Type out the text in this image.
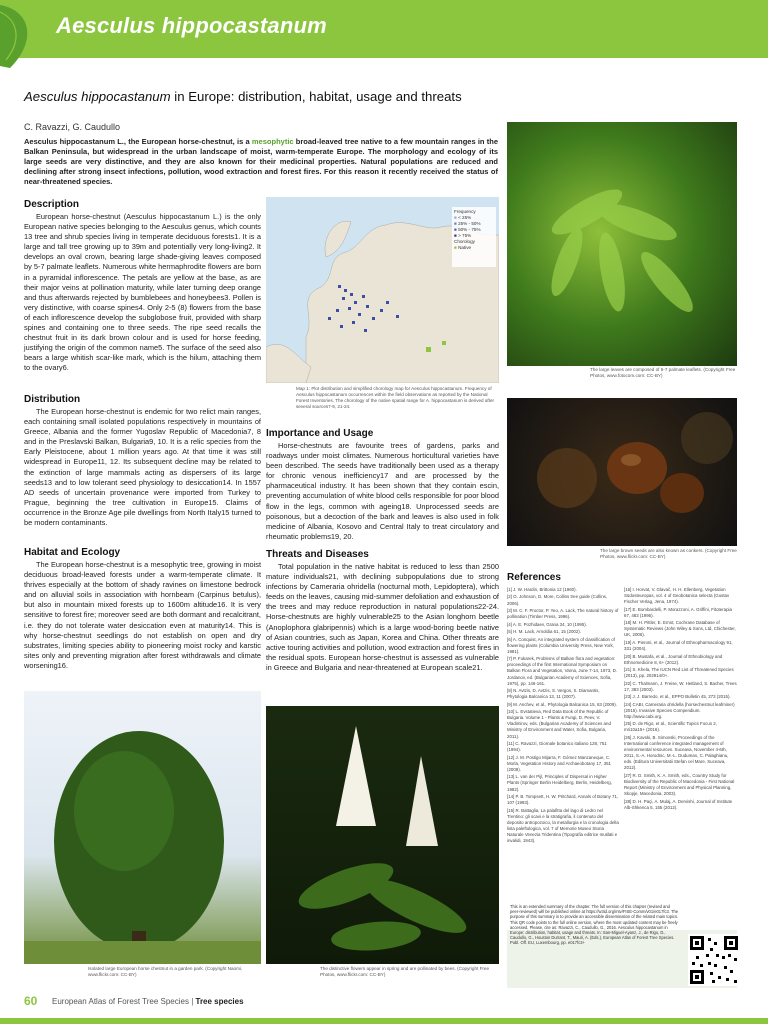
Aesculus hippocastanum
Aesculus hippocastanum in Europe: distribution, habitat, usage and threats
C. Ravazzi, G. Caudullo
Aesculus hippocastanum L., the European horse-chestnut, is a mesophytic broad-leaved tree native to a few mountain ranges in the Balkan Peninsula, but widespread in the urban landscape of moist, warm-temperate Europe. The morphology and ecology of its large seeds are very distinctive, and they are also known for their medicinal properties. Natural populations are reduced and declining after strong insect infections, pollution, wood extraction and forest fires. For this reason it recently received the status of near-threatened species.
Description
European horse-chestnut (Aesculus hippocastanum L.) is the only European native species belonging to the Aesculus genus, which counts 13 tree and shrub species living in temperate deciduous forests1. It is a large and tall tree growing up to 39m and potentially very long-living2. It develops an oval crown, bearing large shade-giving leaves composed by 5-7 palmate leaflets. Numerous white hermaphrodite flowers are born in a pyramidal inflorescence. The petals are yellow at the base, as are their major veins at pollination maturity, while later turning deep orange and thus afterwards rejected by bumblebees and honeybees3. Pollen is very distinctive, with coarse spines4. Only 2-5 (8) flowers from the base of each inflorescence develop the subglobose fruit, provided with sharp spines and containing one to three seeds. The ripe seed recalls the chestnut fruit in its dark brown colour and is used for horse feeding, justifying the origin of the common name5. The surface of the seed also bears a large whitish scar-like mark, which is the hilum, attaching them to the ovary6.
Distribution
The European horse-chestnut is endemic for two relict main ranges, each containing small isolated populations respectively in mountains of Greece, Albania and the former Yugoslav Republic of Macedonia7, 8 and in the Preslavski Balkan, Bulgaria9, 10. It is a relic species from the Early Pleistocene, about 1 million years ago. At that time it was still widespread in Europe11, 12. Its subsequent decline may be related to the extinction of large mammals acting as dispersers of its large seeds13 and to low tolerant seed physiology to desiccation14. In 1557 AD seeds of uncertain provenance were imported from Turkey to Prague, beginning the tree cultivation in Europe15. Claims of occurrence in the Bronze Age pile dwellings from North Italy15 turned to be modern contaminants.
Habitat and Ecology
The European horse-chestnut is a mesophytic tree, growing in moist deciduous broad-leaved forests under a warm-temperate climate. It thrives especially at the bottom of shady ravines on limestone bedrock and on alluvial soils in association with hornbeam (Carpinus betulus), but also in mountain mixed forests up to 1600m altitude16. It is very sensitive to forest fire; moreover seed are both dormant and recalcitrant, i.e. they do not tolerate water desiccation even at maturity14. This is why horse-chestnut seedlings do not establish on open and dry substrates, limiting species ability to pioneering moist rocky and karstic sites only and preventing migration after forest withdrawals and climate worsening16.
Frequency
■ < 25%
■ 25% - 50%
■ 50% - 75%
■ > 75%
Chorology
■ Native
Map 1: Plot distribution and simplified chorology map for Aesculus hippocastanum. Frequency of Aesculus hippocastanum occurrences within the field observations as reported by the National Forest Inventories. The chorology of the native spatial range for A. hippocastanum is derived after several sources7-9, 21-24.
Importance and Usage
Horse-chestnuts are favourite trees of gardens, parks and roadways under moist climates. Numerous horticultural varieties have been described. The seeds have traditionally been used as a therapy for chronic venous inefficiency17 and are processed by the pharmaceutical industry. It has been shown that they contain escin, preventing accumulation of white blood cells responsible for poor blood flow in the legs, common with ageing18. Unprocessed seeds are poisonous, but a decoction of the bark and leaves is also used in folk medicine of Albania, Kosovo and Central Italy to treat circulatory and rheumatic problems19, 20.
Threats and Diseases
Total population in the native habitat is reduced to less than 2500 mature individuals21, with declining subpopulations due to strong infections by Cameraria ohridella (nocturnal moth, Lepidoptera), which feeds on the leaves, causing mid-summer defoliation and exhaustion of the trees and may reduce reproduction in natural populations22-24. Horse-chestnuts are highly vulnerable25 to the Asian longhorn beetle (Anoplophora glabripennis) which is a large wood-boring beetle native of Asian countries, such as Japan, Korea and China. Other threats are active touring activities and pollution, wood extraction and forest fires in the residual spots. European horse-chestnut is assessed as vulnerable in Greece and Bulgaria and near-threatened at European scale21.
The large leaves are composed of 5-7 palmate leaflets. (Copyright Free Photos, www.fotocom.com: CC-BY)
The large brown seeds are also known as conkers. (Copyright Free Photos, www.flickr.com: CC-BY)
References
[1] J. W. Hardin, Brittonia 12 (1960).
[2] O. Johnson, D. More, Collins tree guide (Collins, 2006).
[3] M. C. F. Proctor, P. Yeo, A. Lack, The natural history of pollination (Timber Press, 1996).
[4] A. E. Pozhidaev, Grana 34, 10 (1995).
[5] H. M. Lack, Arnoldia 61, 15 (2002).
[6] A. Conquist, An integrated system of classification of flowering plants (Columbia University Press, New York, 1981).
[7] P. Fukarek, Problems of Balkan flora and vegetation: proceedings of the first International Symposium on Balkan Flora and Vegetation, Varna, June 7-14, 1973, D. Jordanov, ed. (Bulgarian Academy of Sciences, Sofia, 1975), pp. 146-161.
[8] N. Avtzis, D. Avtzis, S. Vergos, S. Diamantis, Phytologia Balcanica 13, 11 (2007).
[9] M. Anchev, et al., Phytologia Balcanica 15, 63 (2009).
[10] L. Evstatieva, Red Data Book of the Republic of Bulgaria. Volume 1 - Plants & Fungi, D. Peev, V. Vladimirov, eds. (Bulgarian Academy of Sciences and Ministry of Environment and Water, Sofia, Bulgaria, 2011).
[11] C. Ravazzi, Giornale botanico italiano 128, 751 (1994).
[12] J. M. Postigo Mijarra, F. Gómez Manzaneque, C. Morla, Vegetation History and Archaeobotany 17, 351 (2008).
[13] L. van der Pijl, Principles of Dispersal in Higher Plants (Springer Berlin Heidelberg, Berlin, Heidelberg, 1982).
[14] P. B. Tompsett, H. W. Pritchard, Annals of Botany 71, 107 (1993).
[15] R. Battaglia, La palafitta del lago di Ledro nel Trentino: gli scavi e la stratigrafia, il contenuto del deposito antropozoico, la metallurgia e la cronologia della lista paleftologica, vol. 7 of Memorie Museo Storia Naturale Venezia Tridentina (Tipografia editrice mutilati e invalidi, 1943).
[16] I. Horvat, V. Glavač, H. H. Ellenberg, Vegetation Südosteuropas, vol. 4 of Geobotanica selecta (Gustav Fischer Verlag, Jena, 1974).
[17] E. Bombardelli, P. Morazzoni, A. Griffini, Fitoterapia 67, 483 (1996).
[18] M. H. Pittler, E. Ernst, Cochrane Database of Systematic Reviews (John Wiley & Sons, Ltd, Chichester, UK, 2006).
[19] A. Pieroni, et al., Journal of Ethnopharmacology 91, 331 (2004).
[20] B. Mustafa, et al., Journal of Ethnobiology and Ethnomedicine 8, 6+ (2012).
[21] S. Khela, The IUCN Red List of Threatened Species (2013), pp. 202914/0+.
[22] C. Thalmann, J. Freise, W. Heitland, S. Bacher, Trees 17, 383 (2003).
[23] J. J. Barredo, et al., EPPO Bulletin 45, 273 (2015).
[24] CABI, Cameraria ohridella (horsechestnut leafminer) (2015). Invasive Species Compendium. http://www.cabi.org.
[25] D. de Rigo, et al., Scientific Topics Focus 2, mri10a15+ (2016).
[26] J. Kavski, B. Simovski, Proceedings of the International conference integrated management of environmental resources. Suceava, November 4-6th, 2011, S.-A. Horodnic, M.-L. Duduman, C. Palaghianu, eds. (Editura Universitatii Stefan cel Mare, Suceava, 2012).
[27] R. D. Smith, K. A. Smith, eds., Country Study for Biodiversity of the Republic of Macedonia - First National Report (Ministry of Environment and Physical Planning, Skopje, Macedonia, 2003).
[28] D. H. Paçi, A. Mulaj, A. Dervishi, Journal of Institute Alb-Shkenca 5, 155 (2012).
Isolated large European horse chestnut in a garden park. (Copyright Naomi, www.flickr.com: CC-BY)
The distinctive flowers appear in spring and are pollinated by bees. (Copyright Free Photos, www.flickr.com: CC-BY)
This is an extended summary of the chapter. The full version of this chapter (revised and peer-reviewed) will be published online at https://w3id.org/mtv/FISE-Comm/v01/e017fc3. The purpose of this summary is to provide an accessible dissemination of the related main topics. This QR code points to the full online version, where the most updated content may be freely accessed. Please, cite as: Ravazzi, C., Caudullo, G., 2016. Aesculus hippocastanum in Europe: distribution, habitat, usage and threats. In: San-Miguel-Ayanz, J., de Rigo, D., Caudullo, G., Houston Durrant, T., Mauri, A. (Eds.), European Atlas of Forest Tree Species. Publ. Off. EU, Luxembourg, pp. e017fc3+
60 European Atlas of Forest Tree Species | Tree species
